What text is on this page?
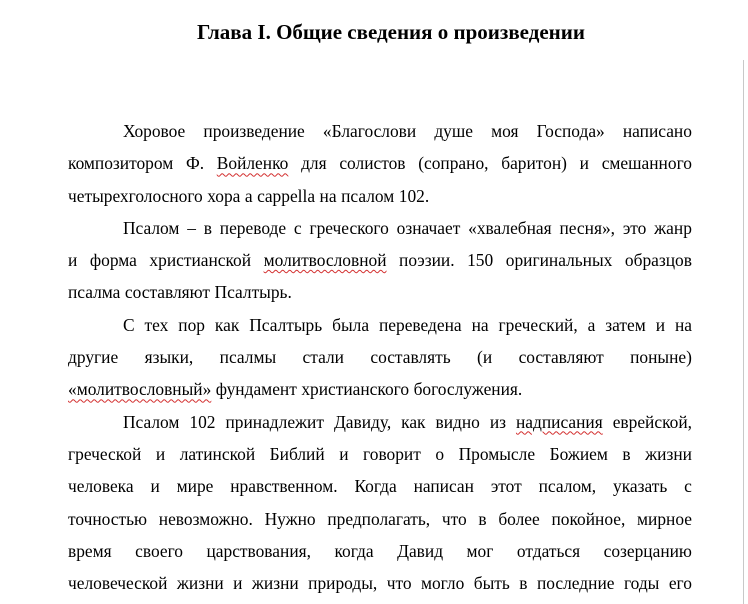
Глава I. Общие сведения о произведении
Хоровое произведение «Благослови душе моя Господа» написано
композитором Ф. Войленко для солистов (сопрано, баритон) и смешанного
четырехголосного хора a cappella на псалом 102.
Псалом – в переводе с греческого означает «хвалебная песня», это жанр
и форма христианской молитвословной поэзии. 150 оригинальных образцов
псалма составляют Псалтырь.
С тех пор как Псалтырь была переведена на греческий, а затем и на
другие языки, псалмы стали составлять (и составляют поныне)
«молитвословный» фундамент христианского богослужения.
Псалом 102 принадлежит Давиду, как видно из надписания еврейской,
греческой и латинской Библий и говорит о Промысле Божием в жизни
человека и мире нравственном. Когда написан этот псалом, указать с
точностью невозможно. Нужно предполагать, что в более покойное, мирное
время своего царствования, когда Давид мог отдаться созерцанию
человеческой жизни и жизни природы, что могло быть в последние годы его
